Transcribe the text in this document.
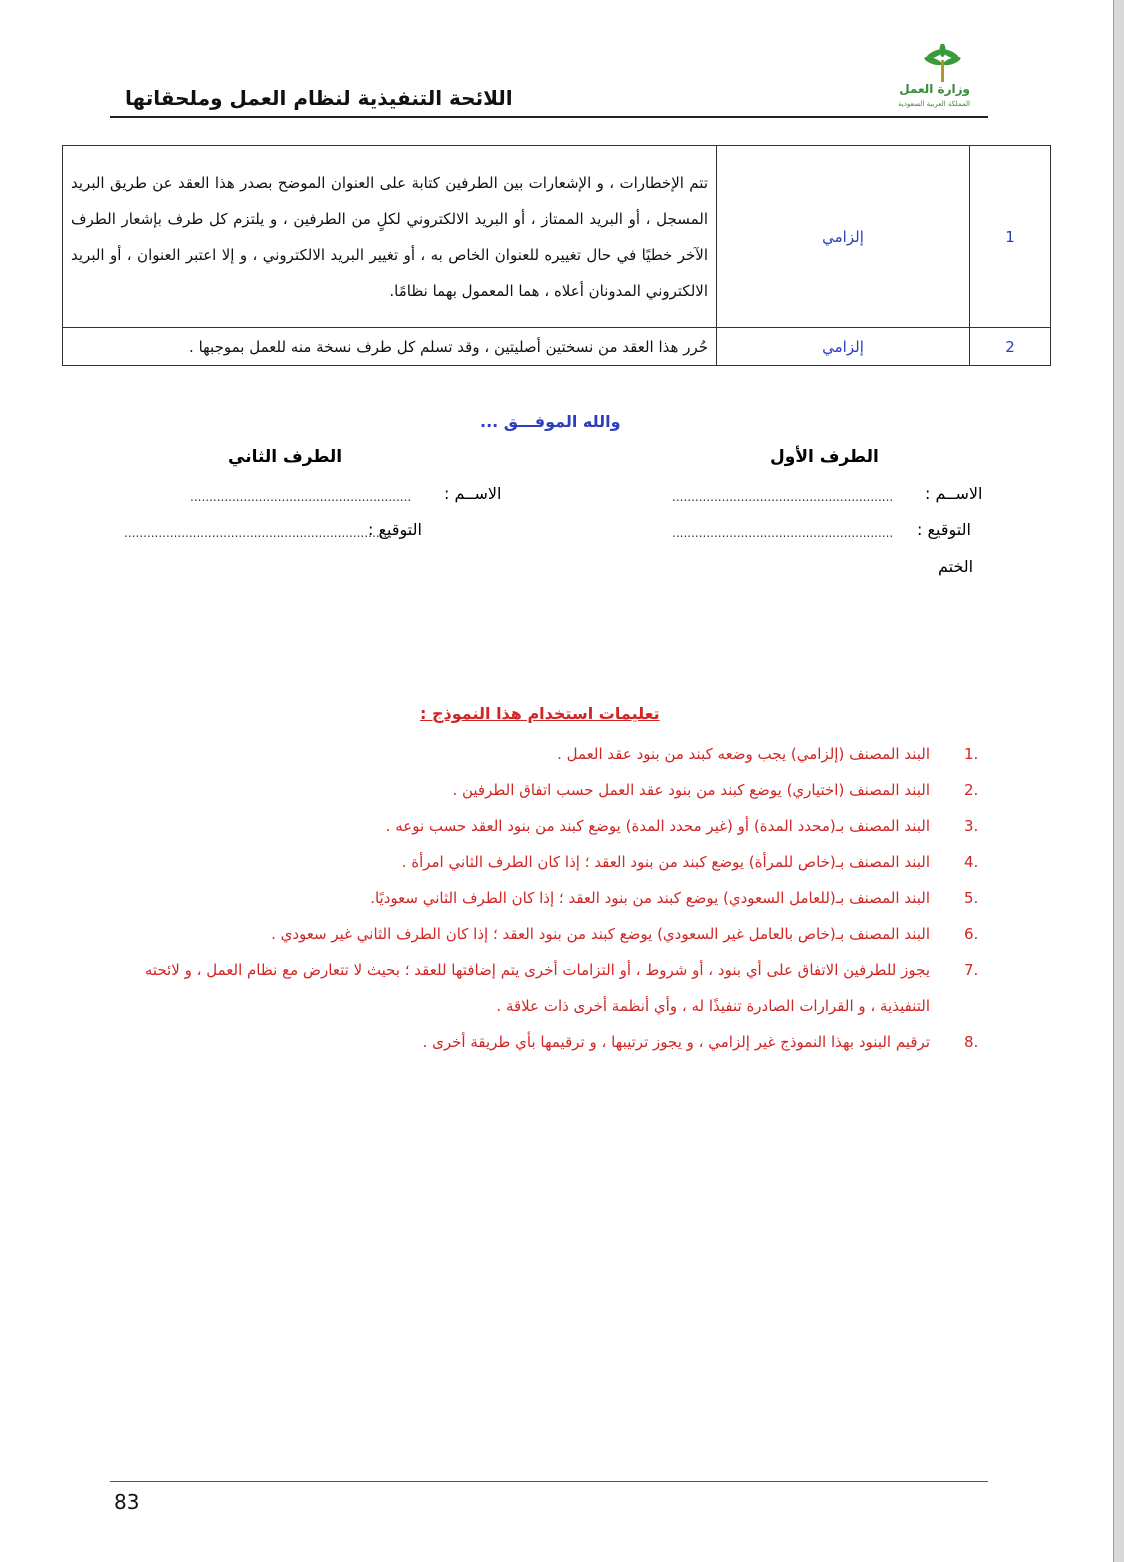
وزارة العمل
المملكة العربية السعودية
اللائحة التنفيذية لنظام العمل وملحقاتها
1	إلزامي	تتم الإخطارات ، و الإشعارات بين الطرفين كتابة على العنوان الموضح بصدر هذا العقد عن طريق البريد المسجل ، أو البريد الممتاز ، أو البريد الالكتروني لكلٍ من الطرفين ، و يلتزم كل طرف بإشعار الطرف الآخر خطيًا في حال تغييره للعنوان الخاص به ، أو تغيير البريد الالكتروني ، و إلا اعتبر العنوان ، أو البريد الالكتروني المدونان أعلاه ، هما المعمول بهما نظامًا.
2	إلزامي	حُرر هذا العقد من نسختين أصليتين ، وقد تسلم كل طرف نسخة منه للعمل بموجبها .
والله الموفـــق ...
الطرف الأول
الطرف الثاني
الاســم :
..........................................................
الاســم :
..........................................................
التوقيع :
..........................................................
التوقيع :
......................................................................
الختم
تعليمات استخدام هذا النموذج :
1.
البند المصنف (إلزامي) يجب وضعه كبند من بنود عقد العمل .
2.
البند المصنف (اختياري) يوضع كبند من بنود عقد العمل حسب اتفاق الطرفين .
3.
البند المصنف بـ(محدد المدة) أو (غير محدد المدة) يوضع كبند من بنود العقد حسب نوعه .
4.
البند المصنف بـ(خاص للمرأة) يوضع كبند من بنود العقد ؛ إذا كان الطرف الثاني امرأة .
5.
البند المصنف بـ(للعامل السعودي) يوضع كبند من بنود العقد ؛ إذا كان الطرف الثاني سعوديًا.
6.
البند المصنف بـ(خاص بالعامل غير السعودي) يوضع كبند من بنود العقد ؛ إذا كان الطرف الثاني غير سعودي .
7.
يجوز للطرفين الاتفاق على أي بنود ، أو شروط ، أو التزامات أخرى يتم إضافتها للعقد ؛ بحيث لا تتعارض مع نظام العمل ، و لائحته التنفيذية ، و القرارات الصادرة تنفيذًا له ، وأي أنظمة أخرى ذات علاقة .
8.
ترقيم البنود بهذا النموذج غير إلزامي ، و يجوز ترتيبها ، و ترقيمها بأي طريقة أخرى .
83
